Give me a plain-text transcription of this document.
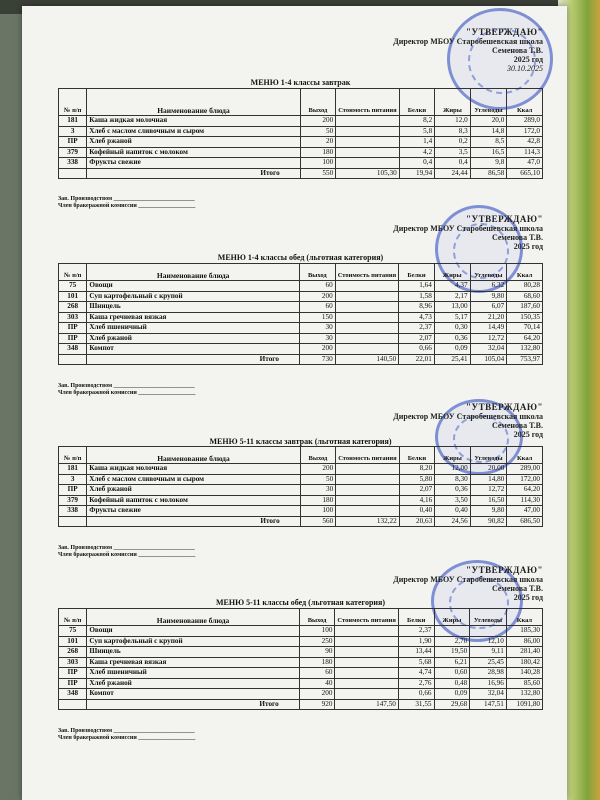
"УТВЕРЖДАЮ"
Директор МБОУ Старобешевская школа
Семенова Т.В.
2025 год
30.10.2025
МЕНЮ 1-4 классы завтрак
№ п/п	Наименование блюда	Выход	Стоимость питания	Белки	Жиры	Углеводы	Ккал
181	Каша жидкая молочная	200		8,2	12,0	20,0	289,0
3	Хлеб с маслом сливочным и сыром	50		5,8	8,3	14,8	172,0
ПР	Хлеб ржаной	20		1,4	0,2	8,5	42,8
379	Кофейный напиток с молоком	180		4,2	3,5	16,5	114,3
338	Фрукты свежие	100		0,4	0,4	9,8	47,0
	Итого	550	105,30	19,94	24,44	86,58	665,10
Зав. Производством ___________________________
Член бракеражной комиссии ___________________
"УТВЕРЖДАЮ"
Директор МБОУ Старобешевская школа
Семенова Т.В.
2025 год
МЕНЮ 1-4 классы обед (льготная категория)
№ п/п	Наименование блюда	Выход	Стоимость питания	Белки	Жиры	Углеводы	Ккал
75	Овощи	60		1,64	4,37	6,32	80,28
101	Суп картофельный с крупой	200		1,58	2,17	9,80	68,60
268	Шницель	60		8,96	13,00	6,07	187,60
303	Каша гречневая вязкая	150		4,73	5,17	21,20	150,35
ПР	Хлеб пшеничный	30		2,37	0,30	14,49	70,14
ПР	Хлеб ржаной	30		2,07	0,36	12,72	64,20
348	Компот	200		0,66	0,09	32,04	132,80
	Итого	730	140,50	22,01	25,41	105,04	753,97
Зав. Производством ___________________________
Член бракеражной комиссии ___________________
"УТВЕРЖДАЮ"
Директор МБОУ Старобешевская школа
Семенова Т.В.
2025 год
МЕНЮ 5-11 классы завтрак (льготная категория)
№ п/п	Наименование блюда	Выход	Стоимость питания	Белки	Жиры	Углеводы	Ккал
181	Каша жидкая молочная	200		8,20	12,00	20,00	289,00
3	Хлеб с маслом сливочным и сыром	50		5,80	8,30	14,80	172,00
ПР	Хлеб ржаной	30		2,07	0,36	12,72	64,20
379	Кофейный напиток с молоком	180		4,16	3,50	16,50	114,30
338	Фрукты свежие	100		0,40	0,40	9,80	47,00
	Итого	560	132,22	20,63	24,56	90,82	686,50
Зав. Производством ___________________________
Член бракеражной комиссии ___________________
"УТВЕРЖДАЮ"
Директор МБОУ Старобешевская школа
Семенова Т.В.
2025 год
МЕНЮ 5-11 классы обед (льготная категория)
№ п/п	Наименование блюда	Выход	Стоимость питания	Белки	Жиры	Углеводы	Ккал
75	Овощи	100		2,37			185,30
101	Суп картофельный с крупой	250		1,90	2,70	12,10	86,00
268	Шницель	90		13,44	19,50	9,11	281,40
303	Каша гречневая вязкая	180		5,68	6,21	25,45	180,42
ПР	Хлеб пшеничный	60		4,74	0,60	28,98	140,28
ПР	Хлеб ржаной	40		2,76	0,48	16,96	85,60
348	Компот	200		0,66	0,09	32,04	132,80
	Итого	920	147,50	31,55	29,68	147,51	1091,80
Зав. Производством ___________________________
Член бракеражной комиссии ___________________
